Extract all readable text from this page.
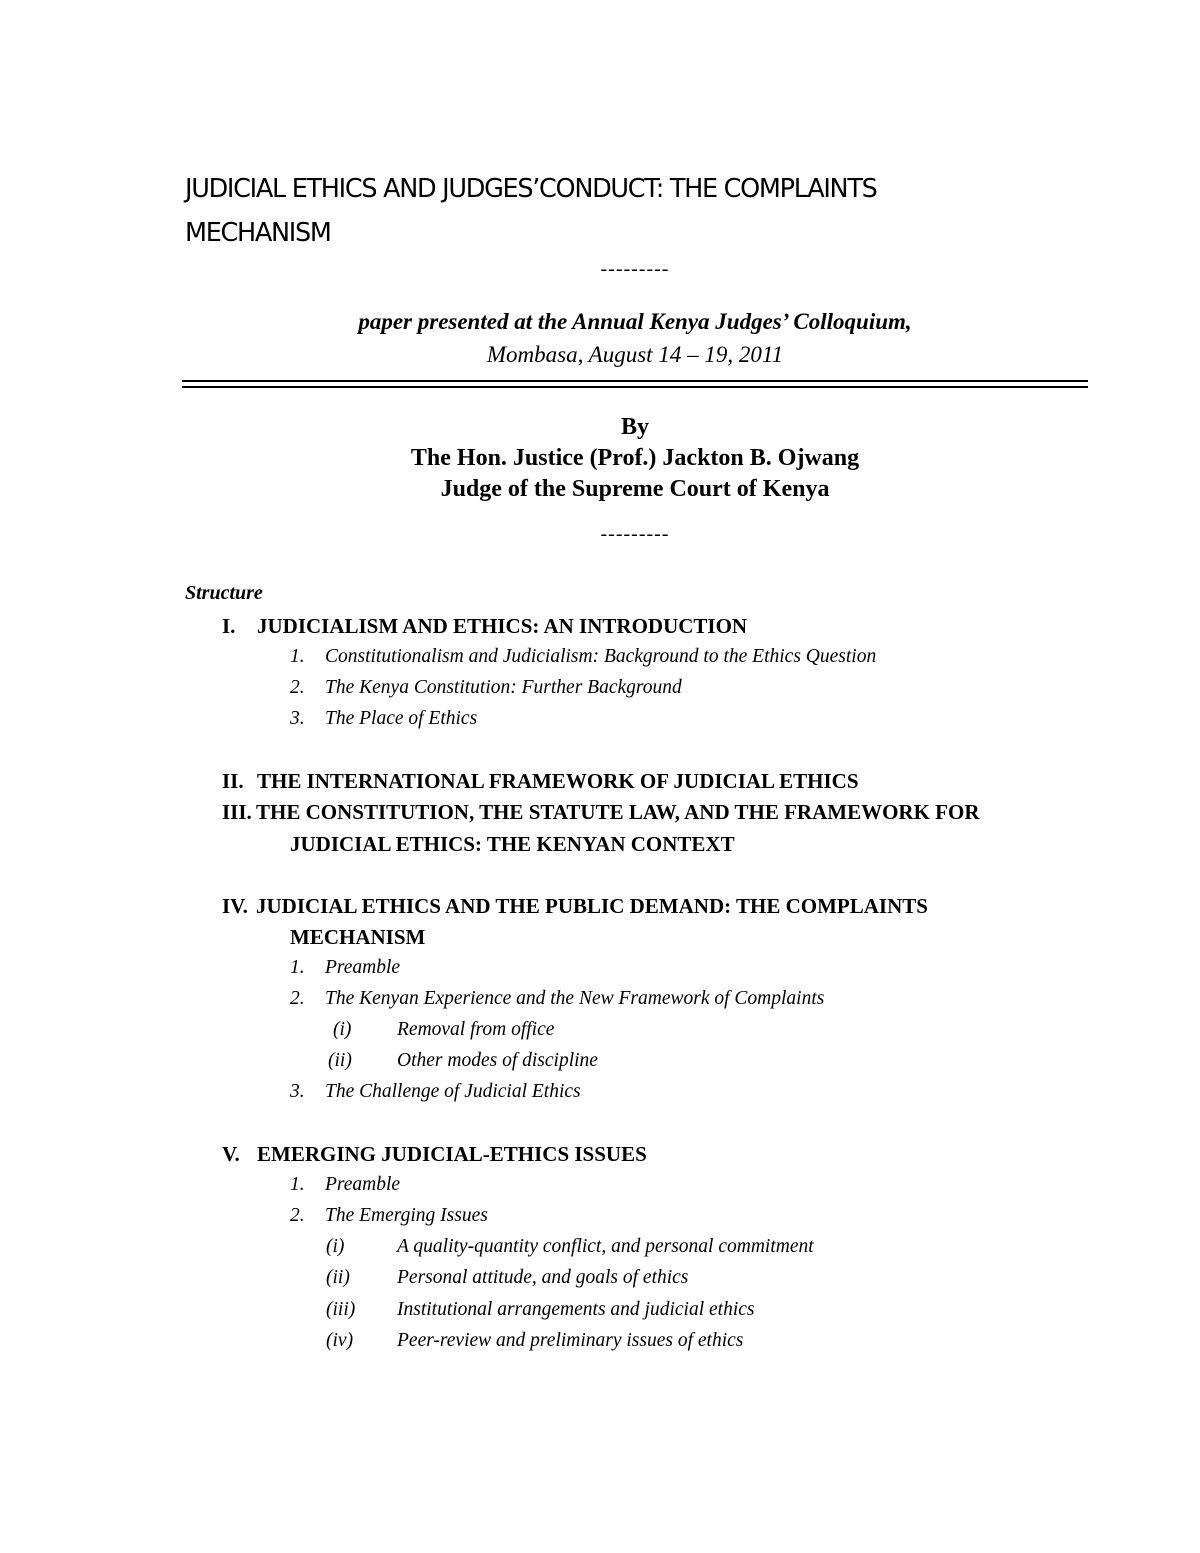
JUDICIAL ETHICS AND JUDGES’CONDUCT: THE COMPLAINTS
MECHANISM
---------
paper presented at the Annual Kenya Judges’ Colloquium,
Mombasa, August 14 – 19, 2011
By
The Hon. Justice (Prof.) Jackton B. Ojwang
Judge of the Supreme Court of Kenya
---------
Structure
I. JUDICIALISM AND ETHICS: AN INTRODUCTION
1. Constitutionalism and Judicialism: Background to the Ethics Question
2. The Kenya Constitution: Further Background
3. The Place of Ethics
II. THE INTERNATIONAL FRAMEWORK OF JUDICIAL ETHICS
III. THE CONSTITUTION, THE STATUTE LAW, AND THE FRAMEWORK FOR
JUDICIAL ETHICS: THE KENYAN CONTEXT
IV. JUDICIAL ETHICS AND THE PUBLIC DEMAND: THE COMPLAINTS
MECHANISM
1. Preamble
2. The Kenyan Experience and the New Framework of Complaints
(i) Removal from office
(ii) Other modes of discipline
3. The Challenge of Judicial Ethics
V. EMERGING JUDICIAL-ETHICS ISSUES
1. Preamble
2. The Emerging Issues
(i)	A quality-quantity conflict, and personal commitment
(ii) Personal attitude, and goals of ethics
(iii) Institutional arrangements and judicial ethics
(iv) Peer-review and preliminary issues of ethics
